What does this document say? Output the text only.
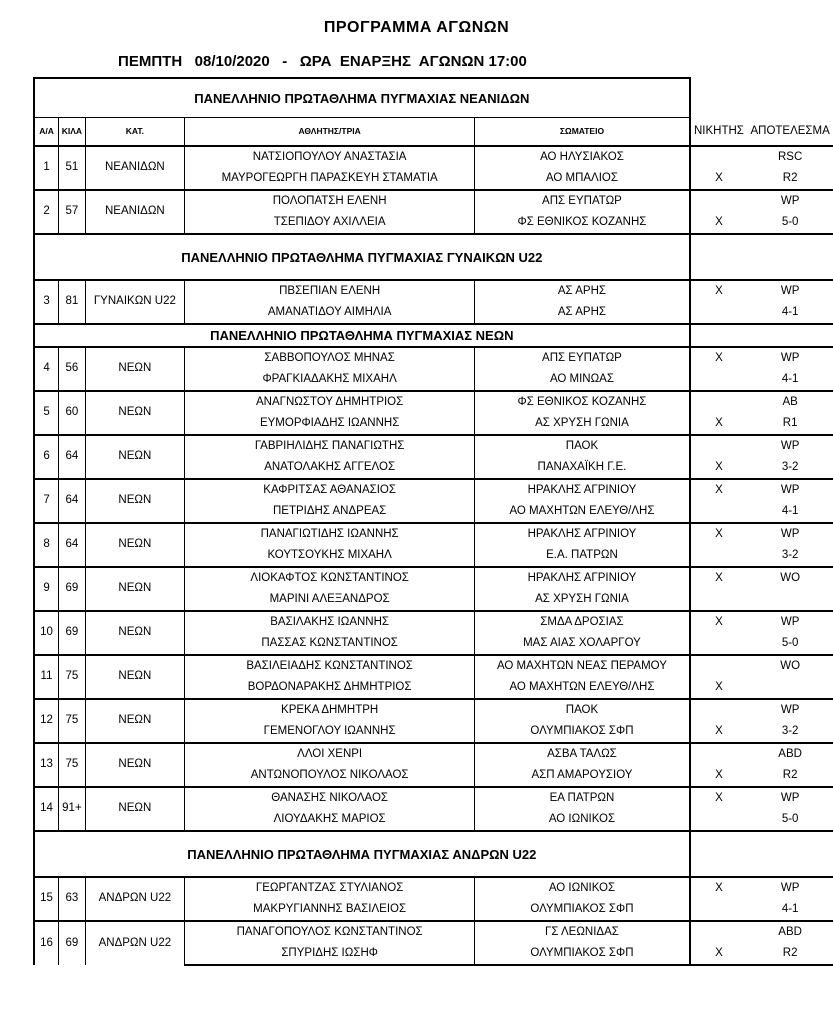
ΠΡΟΓΡΑΜΜΑ ΑΓΩΝΩΝ
ΠΕΜΠΤΗ   08/10/2020   -   ΩΡΑ  ΕΝΑΡΞΗΣ  ΑΓΩΝΩΝ 17:00
ΠΑΝΕΛΛΗΝΙΟ ΠΡΩΤΑΘΛΗΜΑ ΠΥΓΜΑΧΙΑΣ ΝΕΑΝΙΔΩΝ						
Α/Α	ΚΙΛΑ	ΚΑΤ.	ΑΘΛΗΤΗΣ/ΤΡΙΑ	ΣΩΜΑΤΕΙΟ	ΝΙΚΗΤΗΣ	ΑΠΟΤΕΛΕΣΜΑ
1	51	ΝΕΑΝΙΔΩΝ	ΝΑΤΣΙΟΠΟΥΛΟΥ ΑΝΑΣΤΑΣΙΑ	ΑΟ ΗΛΥΣΙΑΚΟΣ		RSC
			ΜΑΥΡΟΓΕΩΡΓΗ ΠΑΡΑΣΚΕΥΗ ΣΤΑΜΑΤΙΑ	ΑΟ ΜΠΑΛΙΟΣ	X	R2
2	57	ΝΕΑΝΙΔΩΝ	ΠΟΛΟΠΑΤΣΗ ΕΛΕΝΗ	ΑΠΣ ΕΥΠΑΤΩΡ		WP
			ΤΣΕΠΙΔΟΥ ΑΧΙΛΛΕΙΑ	ΦΣ ΕΘΝΙΚΟΣ ΚΟΖΑΝΗΣ	X	5-0
ΠΑΝΕΛΛΗΝΙΟ ΠΡΩΤΑΘΛΗΜΑ ΠΥΓΜΑΧΙΑΣ ΓΥΝΑΙΚΩΝ U22						
3	81	ΓΥΝΑΙΚΩΝ U22	ΠΒΣΕΠΙΑΝ ΕΛΕΝΗ	ΑΣ ΑΡΗΣ	X	WP
			ΑΜΑΝΑΤΙΔΟΥ ΑΙΜΗΛΙΑ	ΑΣ ΑΡΗΣ		4-1
ΠΑΝΕΛΛΗΝΙΟ ΠΡΩΤΑΘΛΗΜΑ ΠΥΓΜΑΧΙΑΣ ΝΕΩΝ						
4	56	ΝΕΩΝ	ΣΑΒΒΟΠΟΥΛΟΣ ΜΗΝΑΣ	ΑΠΣ ΕΥΠΑΤΩΡ	X	WP
			ΦΡΑΓΚΙΑΔΑΚΗΣ ΜΙΧΑΗΛ	ΑΟ ΜΙΝΩΑΣ		4-1
5	60	ΝΕΩΝ	ΑΝΑΓΝΩΣΤΟΥ ΔΗΜΗΤΡΙΟΣ	ΦΣ ΕΘΝΙΚΟΣ ΚΟΖΑΝΗΣ		AB
			ΕΥΜΟΡΦΙΑΔΗΣ ΙΩΑΝΝΗΣ	ΑΣ ΧΡΥΣΗ ΓΩΝΙΑ	X	R1
6	64	ΝΕΩΝ	ΓΑΒΡΙΗΛΙΔΗΣ ΠΑΝΑΓΙΩΤΗΣ	ΠΑΟΚ		WP
			ΑΝΑΤΟΛΑΚΗΣ ΑΓΓΕΛΟΣ	ΠΑΝΑΧΑΪΚΗ Γ.Ε.	X	3-2
7	64	ΝΕΩΝ	ΚΑΦΡΙΤΣΑΣ ΑΘΑΝΑΣΙΟΣ	ΗΡΑΚΛΗΣ ΑΓΡΙΝΙΟΥ	X	WP
			ΠΕΤΡΙΔΗΣ ΑΝΔΡΕΑΣ	ΑΟ ΜΑΧΗΤΩΝ ΕΛΕΥΘ/ΛΗΣ		4-1
8	64	ΝΕΩΝ	ΠΑΝΑΓΙΩΤΙΔΗΣ ΙΩΑΝΝΗΣ	ΗΡΑΚΛΗΣ ΑΓΡΙΝΙΟΥ	X	WP
			ΚΟΥΤΣΟΥΚΗΣ ΜΙΧΑΗΛ	Ε.Α. ΠΑΤΡΩΝ		3-2
9	69	ΝΕΩΝ	ΛΙΟΚΑΦΤΟΣ ΚΩΝΣΤΑΝΤΙΝΟΣ	ΗΡΑΚΛΗΣ ΑΓΡΙΝΙΟΥ	X	WO
			ΜΑΡΙΝΙ ΑΛΕΞΑΝΔΡΟΣ	ΑΣ ΧΡΥΣΗ ΓΩΝΙΑ		
10	69	ΝΕΩΝ	ΒΑΣΙΛΑΚΗΣ ΙΩΑΝΝΗΣ	ΣΜΔΑ ΔΡΟΣΙΑΣ	X	WP
			ΠΑΣΣΑΣ ΚΩΝΣΤΑΝΤΙΝΟΣ	ΜΑΣ ΑΙΑΣ ΧΟΛΑΡΓΟΥ		5-0
11	75	ΝΕΩΝ	ΒΑΣΙΛΕΙΑΔΗΣ ΚΩΝΣΤΑΝΤΙΝΟΣ	ΑΟ ΜΑΧΗΤΩΝ ΝΕΑΣ ΠΕΡΑΜΟΥ		WO
			ΒΟΡΔΟΝΑΡΑΚΗΣ ΔΗΜΗΤΡΙΟΣ	ΑΟ ΜΑΧΗΤΩΝ ΕΛΕΥΘ/ΛΗΣ	X	
12	75	ΝΕΩΝ	ΚΡΕΚΑ ΔΗΜΗΤΡΗ	ΠΑΟΚ		WP
			ΓΕΜΕΝΟΓΛΟΥ ΙΩΑΝΝΗΣ	ΟΛΥΜΠΙΑΚΟΣ ΣΦΠ	X	3-2
13	75	ΝΕΩΝ	ΛΛΟΙ ΧΕΝΡΙ	ΑΣΒΑ ΤΑΛΩΣ		ABD
			ΑΝΤΩΝΟΠΟΥΛΟΣ ΝΙΚΟΛΑΟΣ	ΑΣΠ ΑΜΑΡΟΥΣΙΟΥ	X	R2
14	91+	ΝΕΩΝ	ΘΑΝΑΣΗΣ ΝΙΚΟΛΑΟΣ	ΕΑ ΠΑΤΡΩΝ	X	WP
			ΛΙΟΥΔΑΚΗΣ ΜΑΡΙΟΣ	ΑΟ ΙΩΝΙΚΟΣ		5-0
ΠΑΝΕΛΛΗΝΙΟ ΠΡΩΤΑΘΛΗΜΑ ΠΥΓΜΑΧΙΑΣ ΑΝΔΡΩΝ U22						
15	63	ΑΝΔΡΩΝ U22	ΓΕΩΡΓΑΝΤΖΑΣ ΣΤΥΛΙΑΝΟΣ	ΑΟ ΙΩΝΙΚΟΣ	X	WP
			ΜΑΚΡΥΓΙΑΝΝΗΣ ΒΑΣΙΛΕΙΟΣ	ΟΛΥΜΠΙΑΚΟΣ ΣΦΠ		4-1
16	69	ΑΝΔΡΩΝ U22	ΠΑΝΑΓΟΠΟΥΛΟΣ ΚΩΝΣΤΑΝΤΙΝΟΣ	ΓΣ ΛΕΩΝΙΔΑΣ		ABD
			ΣΠΥΡΙΔΗΣ ΙΩΣΗΦ	ΟΛΥΜΠΙΑΚΟΣ ΣΦΠ	X	R2
